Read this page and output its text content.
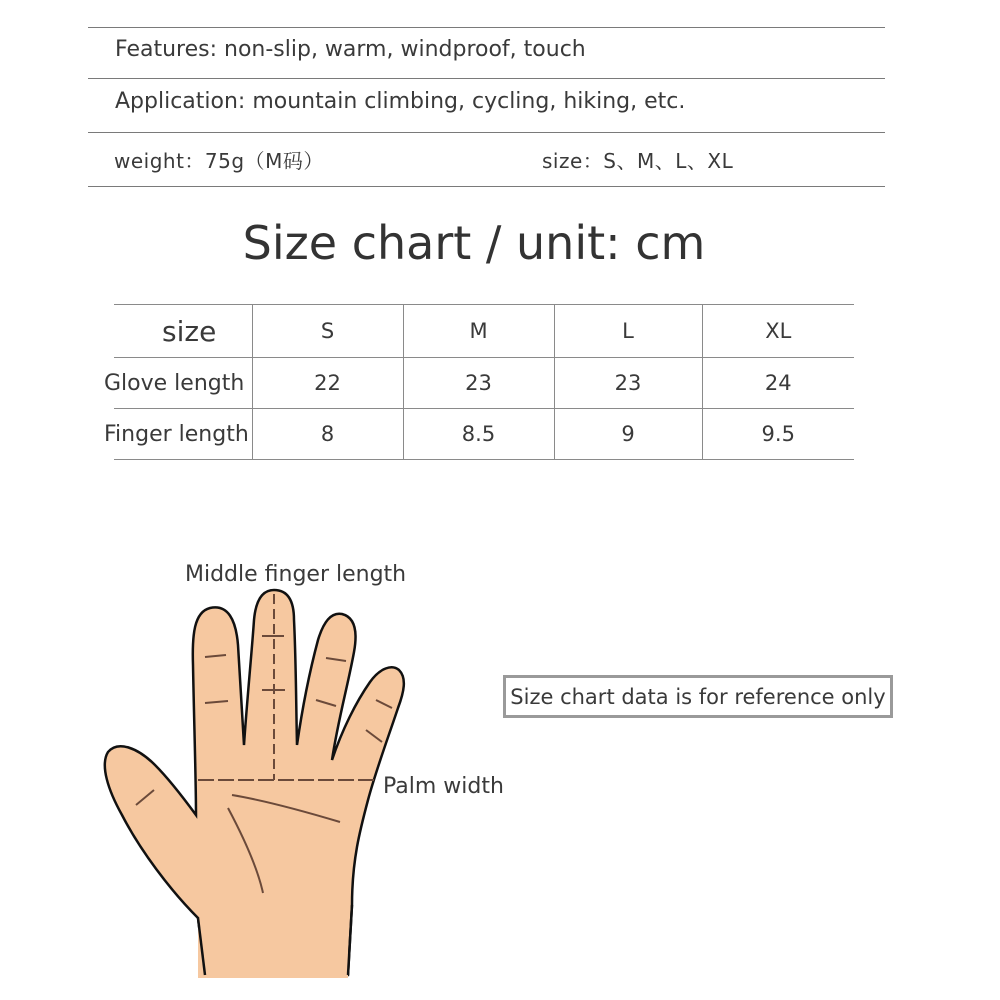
Features: non-slip, warm, windproof, touch
Application: mountain climbing, cycling, hiking, etc.
weight：75g（M码）	size：S、M、L、XL
Size chart / unit: cm
size	S	M	L	XL
Glove length	22	23	23	24
Finger length	8	8.5	9	9.5
Middle finger length
Palm width
Size chart data is for reference only
